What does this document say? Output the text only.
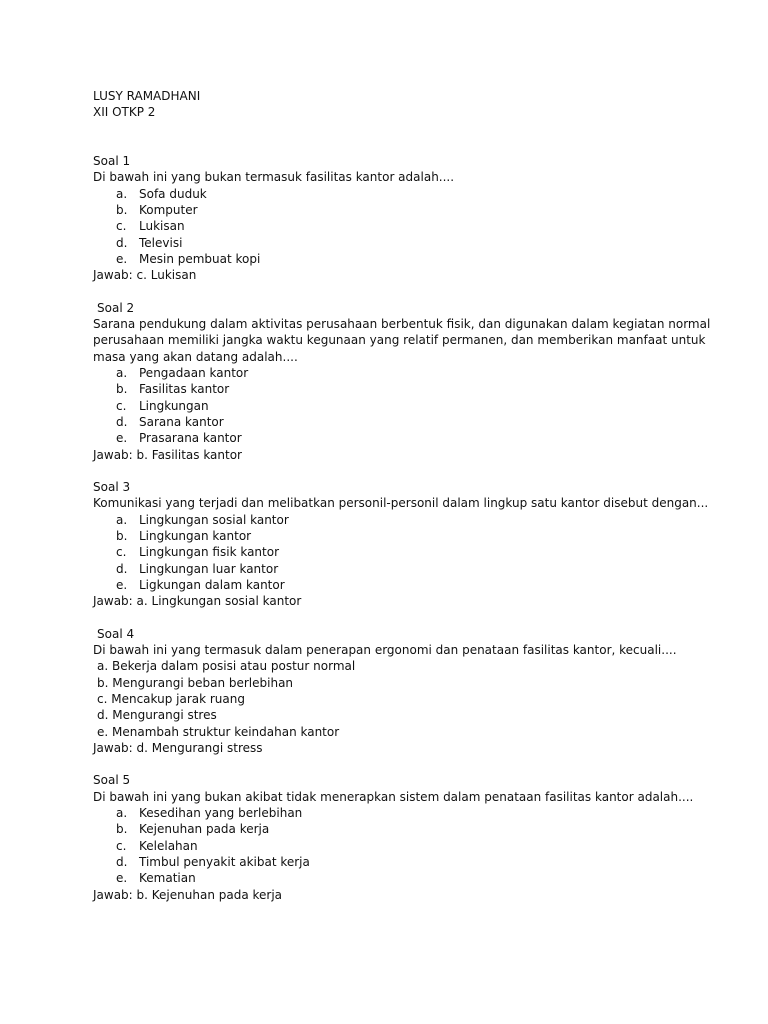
LUSY RAMADHANI
XII OTKP 2
Soal 1
Di bawah ini yang bukan termasuk fasilitas kantor adalah....
a. Sofa duduk
b. Komputer
c.	Lukisan
d. Televisi
e. Mesin pembuat kopi
Jawab: c. Lukisan
Soal 2
Sarana pendukung dalam aktivitas perusahaan berbentuk fisik, dan digunakan dalam kegiatan normal perusahaan memiliki jangka waktu kegunaan yang relatif permanen, dan memberikan manfaat untuk masa yang akan datang adalah....
a. Pengadaan kantor
b. Fasilitas kantor
c.	Lingkungan
d. Sarana kantor
e. Prasarana kantor
Jawab: b. Fasilitas kantor
Soal 3
Komunikasi yang terjadi dan melibatkan personil-personil dalam lingkup satu kantor disebut dengan...
a. Lingkungan sosial kantor
b. Lingkungan kantor
c.	Lingkungan fisik kantor
d. Lingkungan luar kantor
e. Ligkungan dalam kantor
Jawab: a. Lingkungan sosial kantor
Soal 4
Di bawah ini yang termasuk dalam penerapan ergonomi dan penataan fasilitas kantor, kecuali....
a. Bekerja dalam posisi atau postur normal
b. Mengurangi beban berlebihan
c. Mencakup jarak ruang
d. Mengurangi stres
e. Menambah struktur keindahan kantor
Jawab: d. Mengurangi stress
Soal 5
Di bawah ini yang bukan akibat tidak menerapkan sistem dalam penataan fasilitas kantor adalah....
a. Kesedihan yang berlebihan
b. Kejenuhan pada kerja
c.	Kelelahan
d. Timbul penyakit akibat kerja
e. Kematian
Jawab: b. Kejenuhan pada kerja
